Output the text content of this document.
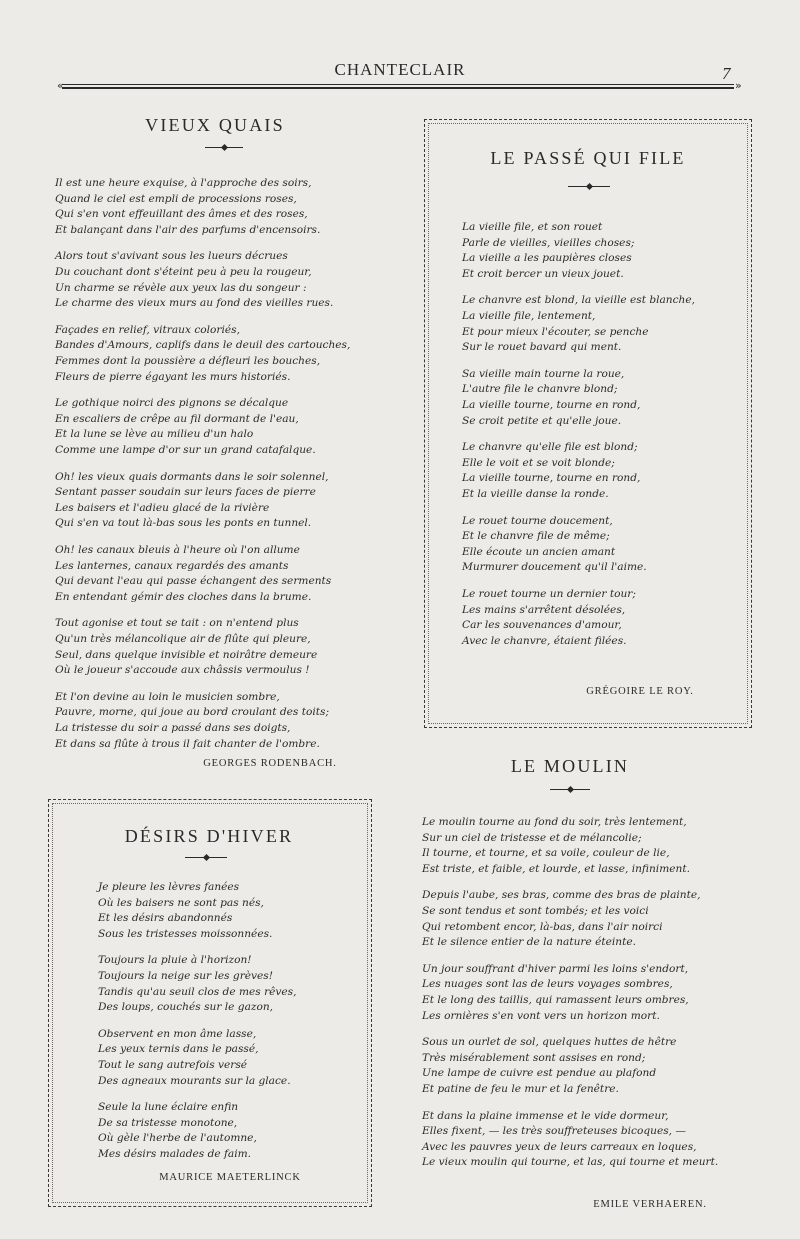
CHANTECLAIR	7
«	»
VIEUX QUAIS
Il est une heure exquise, à l'approche des soirs,
Quand le ciel est empli de processions roses,
Qui s'en vont effeuillant des âmes et des roses,
Et balançant dans l'air des parfums d'encensoirs.
Alors tout s'avivant sous les lueurs décrues
Du couchant dont s'éteint peu à peu la rougeur,
Un charme se révèle aux yeux las du songeur :
Le charme des vieux murs au fond des vieilles rues.
Façades en relief, vitraux coloriés,
Bandes d'Amours, caplifs dans le deuil des cartouches,
Femmes dont la poussière a défleuri les bouches,
Fleurs de pierre égayant les murs historiés.
Le gothique noirci des pignons se décalque
En escaliers de crêpe au fil dormant de l'eau,
Et la lune se lève au milieu d'un halo
Comme une lampe d'or sur un grand catafalque.
Oh! les vieux quais dormants dans le soir solennel,
Sentant passer soudain sur leurs faces de pierre
Les baisers et l'adieu glacé de la rivière
Qui s'en va tout là-bas sous les ponts en tunnel.
Oh! les canaux bleuis à l'heure où l'on allume
Les lanternes, canaux regardés des amants
Qui devant l'eau qui passe échangent des serments
En entendant gémir des cloches dans la brume.
Tout agonise et tout se tait : on n'entend plus
Qu'un très mélancolique air de flûte qui pleure,
Seul, dans quelque invisible et noirâtre demeure
Où le joueur s'accoude aux châssis vermoulus !
Et l'on devine au loin le musicien sombre,
Pauvre, morne, qui joue au bord croulant des toits;
La tristesse du soir a passé dans ses doigts,
Et dans sa flûte à trous il fait chanter de l'ombre.
GEORGES RODENBACH.
LE PASSÉ QUI FILE
La vieille file, et son rouet
Parle de vieilles, vieilles choses;
La vieille a les paupières closes
Et croit bercer un vieux jouet.
Le chanvre est blond, la vieille est blanche,
La vieille file, lentement,
Et pour mieux l'écouter, se penche
Sur le rouet bavard qui ment.
Sa vieille main tourne la roue,
L'autre file le chanvre blond;
La vieille tourne, tourne en rond,
Se croit petite et qu'elle joue.
Le chanvre qu'elle file est blond;
Elle le voit et se voit blonde;
La vieille tourne, tourne en rond,
Et la vieille danse la ronde.
Le rouet tourne doucement,
Et le chanvre file de même;
Elle écoute un ancien amant
Murmurer doucement qu'il l'aime.
Le rouet tourne un dernier tour;
Les mains s'arrêtent désolées,
Car les souvenances d'amour,
Avec le chanvre, étaient filées.
GRÉGOIRE LE ROY.
DÉSIRS D'HIVER
Je pleure les lèvres fanées
Où les baisers ne sont pas nés,
Et les désirs abandonnés
Sous les tristesses moissonnées.
Toujours la pluie à l'horizon!
Toujours la neige sur les grèves!
Tandis qu'au seuil clos de mes rêves,
Des loups, couchés sur le gazon,
Observent en mon âme lasse,
Les yeux ternis dans le passé,
Tout le sang autrefois versé
Des agneaux mourants sur la glace.
Seule la lune éclaire enfin
De sa tristesse monotone,
Où gèle l'herbe de l'automne,
Mes désirs malades de faim.
MAURICE MAETERLINCK
LE MOULIN
Le moulin tourne au fond du soir, très lentement,
Sur un ciel de tristesse et de mélancolie;
Il tourne, et tourne, et sa voile, couleur de lie,
Est triste, et faible, et lourde, et lasse, infiniment.
Depuis l'aube, ses bras, comme des bras de plainte,
Se sont tendus et sont tombés; et les voici
Qui retombent encor, là-bas, dans l'air noirci
Et le silence entier de la nature éteinte.
Un jour souffrant d'hiver parmi les loins s'endort,
Les nuages sont las de leurs voyages sombres,
Et le long des taillis, qui ramassent leurs ombres,
Les ornières s'en vont vers un horizon mort.
Sous un ourlet de sol, quelques huttes de hêtre
Très misérablement sont assises en rond;
Une lampe de cuivre est pendue au plafond
Et patine de feu le mur et la fenêtre.
Et dans la plaine immense et le vide dormeur,
Elles fixent, — les très souffreteuses bicoques, —
Avec les pauvres yeux de leurs carreaux en loques,
Le vieux moulin qui tourne, et las, qui tourne et meurt.
EMILE VERHAEREN.
